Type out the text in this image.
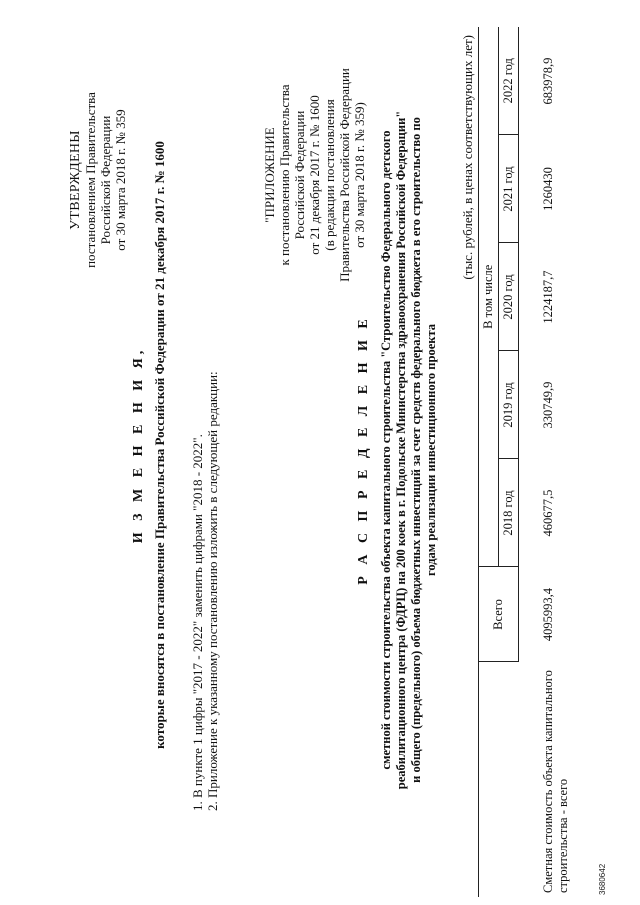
УТВЕРЖДЕНЫ постановлением Правительства Российской Федерации от 30 марта 2018 г. № 359
И З М Е Н Е Н И Я, которые вносятся в постановление Правительства Российской Федерации от 21 декабря 2017 г. № 1600 1. В пункте 1 цифры "2017 - 2022" заменить цифрами "2018 - 2022". 2. Приложение к указанному постановлению изложить в следующей редакции:
"ПРИЛОЖЕНИЕ к постановлению Правительства Российской Федерации от 21 декабря 2017 г. № 1600 (в редакции постановления Правительства Российской Федерации от 30 марта 2018 г. № 359)
Р А С П Р Е Д Е Л Е Н И Е сметной стоимости строительства объекта капитального строительства "Строительство Федерального детского реабилитационного центра (ФДРЦ) на 200 коек в г. Подольске Министерства здравоохранения Российской Федерации" и общего (предельного) объема бюджетных инвестиций за счет средств федерального бюджета в его строительство по годам реализации инвестиционного проекта
(тыс. рублей, в ценах соответствующих лет)
	Всего	В том числе				
		2018 год	2019 год	2020 год	2021 год	2022 год

Сметная стоимость объекта капитального строительства - всего	4095993,4	460677,5	330749,9	1224187,7	1260430	683978,9
3680642
